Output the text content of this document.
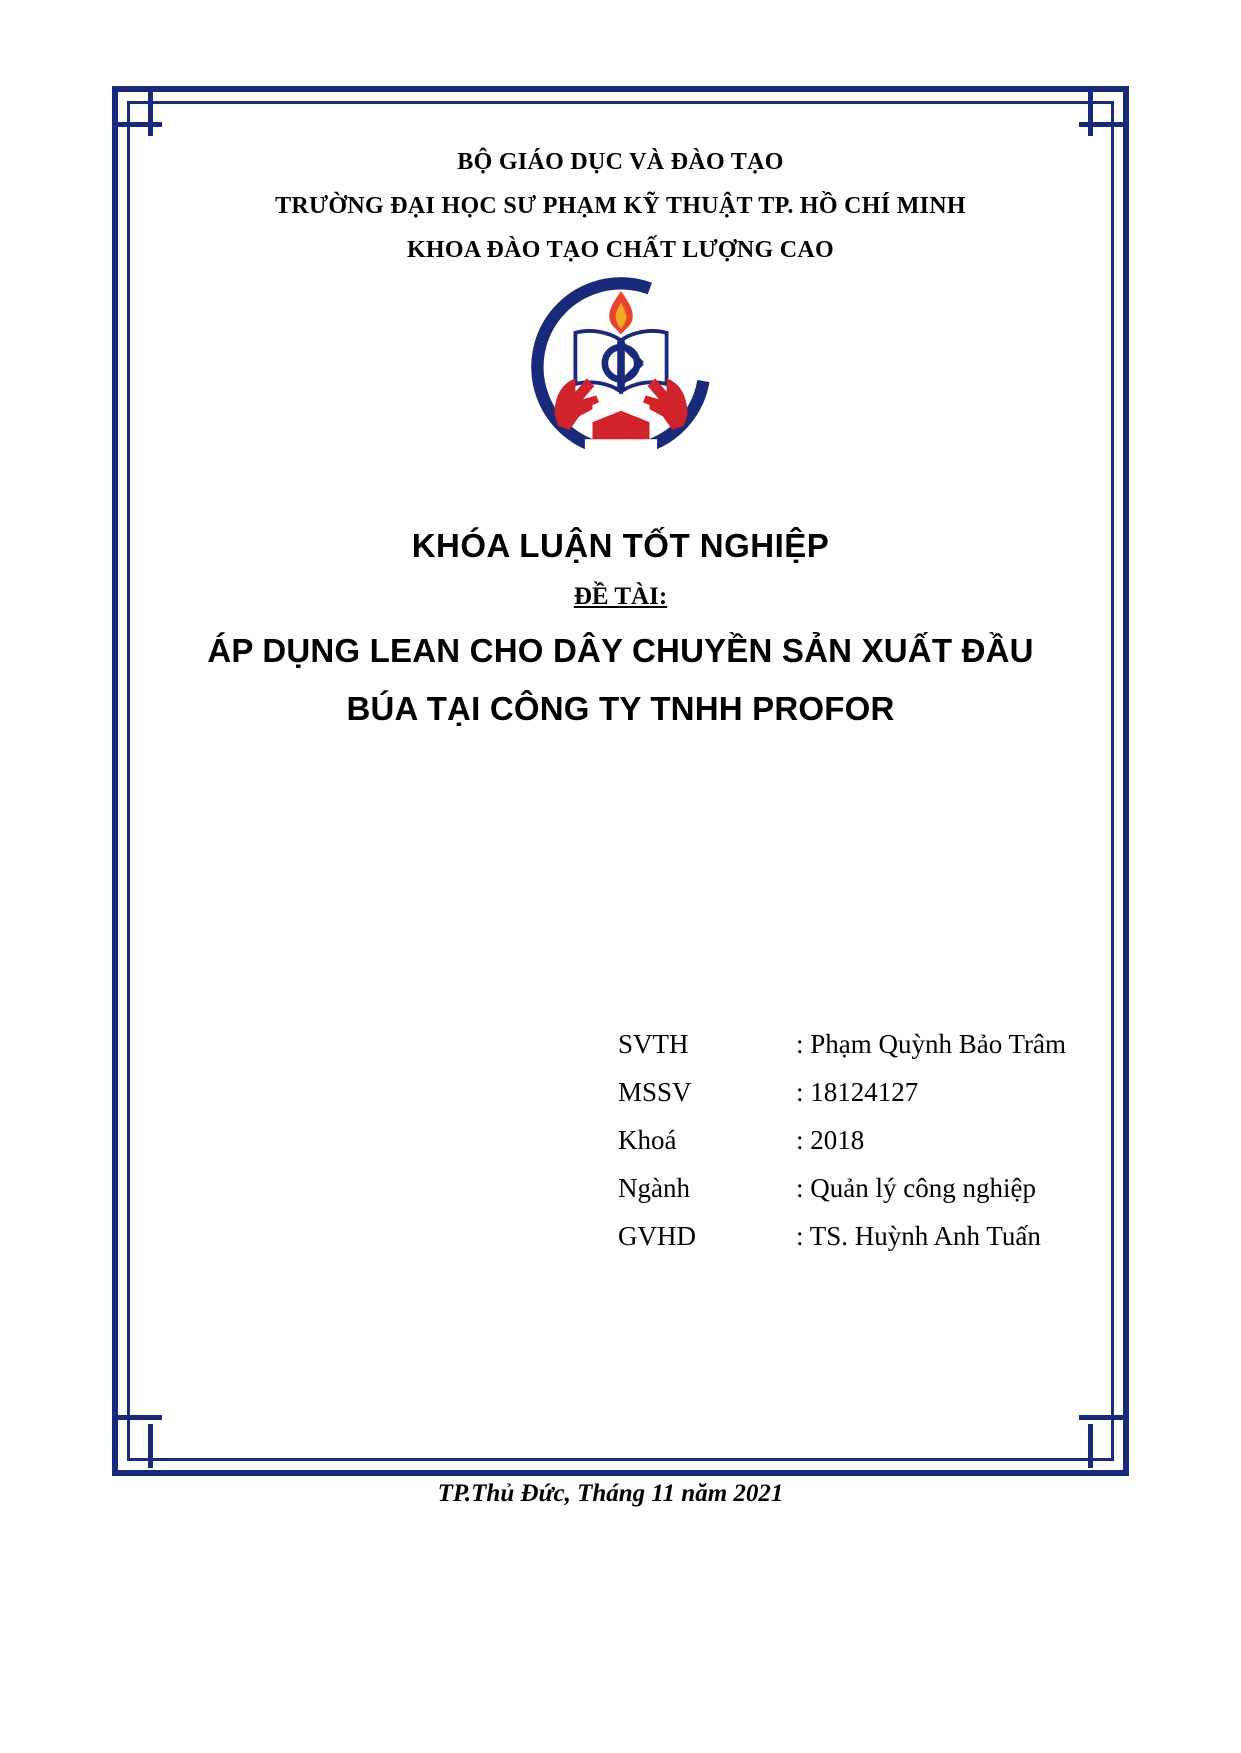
BỘ GIÁO DỤC VÀ ĐÀO TẠO
TRƯỜNG ĐẠI HỌC SƯ PHẠM KỸ THUẬT TP. HỒ CHÍ MINH
KHOA ĐÀO TẠO CHẤT LƯỢNG CAO
KHÓA LUẬN TỐT NGHIỆP
ĐỀ TÀI:
ÁP DỤNG LEAN CHO DÂY CHUYỀN SẢN XUẤT ĐẦU
BÚA TẠI CÔNG TY TNHH PROFOR
SVTH	: Phạm Quỳnh Bảo Trâm
MSSV	: 18124127
Khoá	: 2018
Ngành	: Quản lý công nghiệp
GVHD	: TS. Huỳnh Anh Tuấn
TP.Thủ Đức, Tháng 11 năm 2021
